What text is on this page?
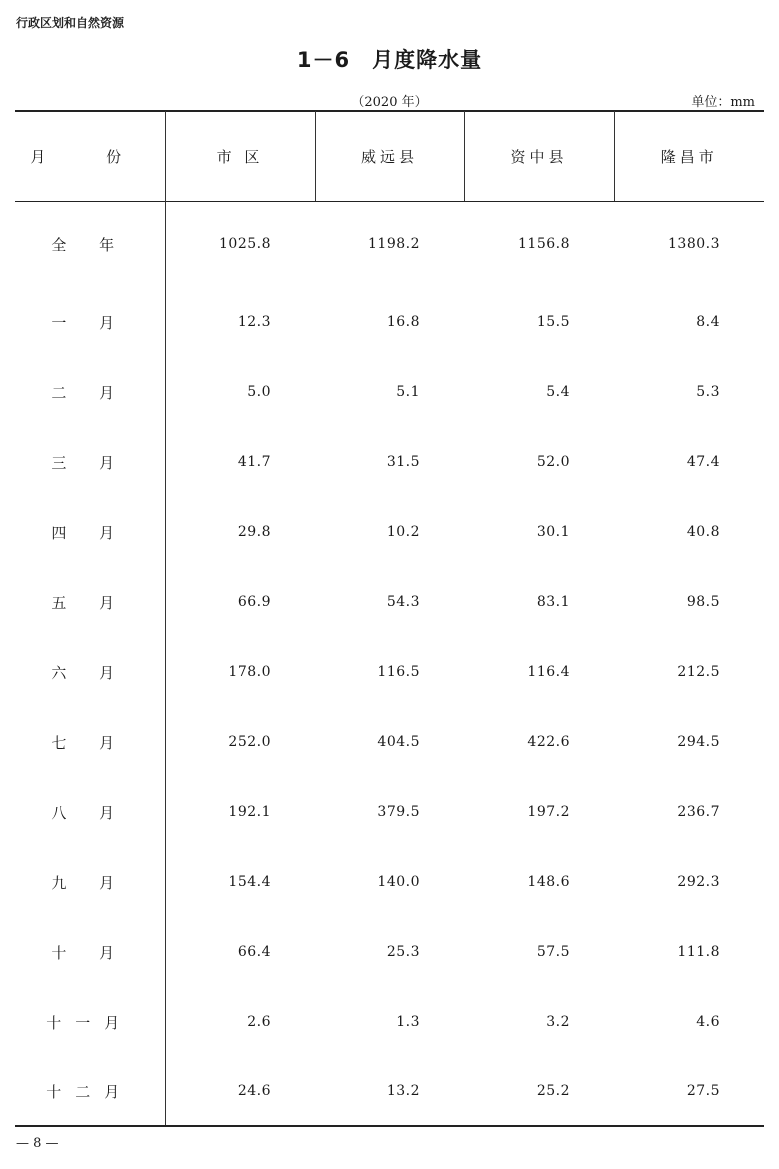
行政区划和自然资源
1－6 月度降水量
（2020 年）	单位：mm
月 份	市 区	威远县	资中县	隆昌市
全 年	1025.8	1198.2	1156.8	1380.3
一 月	12.3	16.8	15.5	8.4
二 月	5.0	5.1	5.4	5.3
三 月	41.7	31.5	52.0	47.4
四 月	29.8	10.2	30.1	40.8
五 月	66.9	54.3	83.1	98.5
六 月	178.0	116.5	116.4	212.5
七 月	252.0	404.5	422.6	294.5
八 月	192.1	379.5	197.2	236.7
九 月	154.4	140.0	148.6	292.3
十 月	66.4	25.3	57.5	111.8
十一月	2.6	1.3	3.2	4.6
十二月	24.6	13.2	25.2	27.5
— 8 —
